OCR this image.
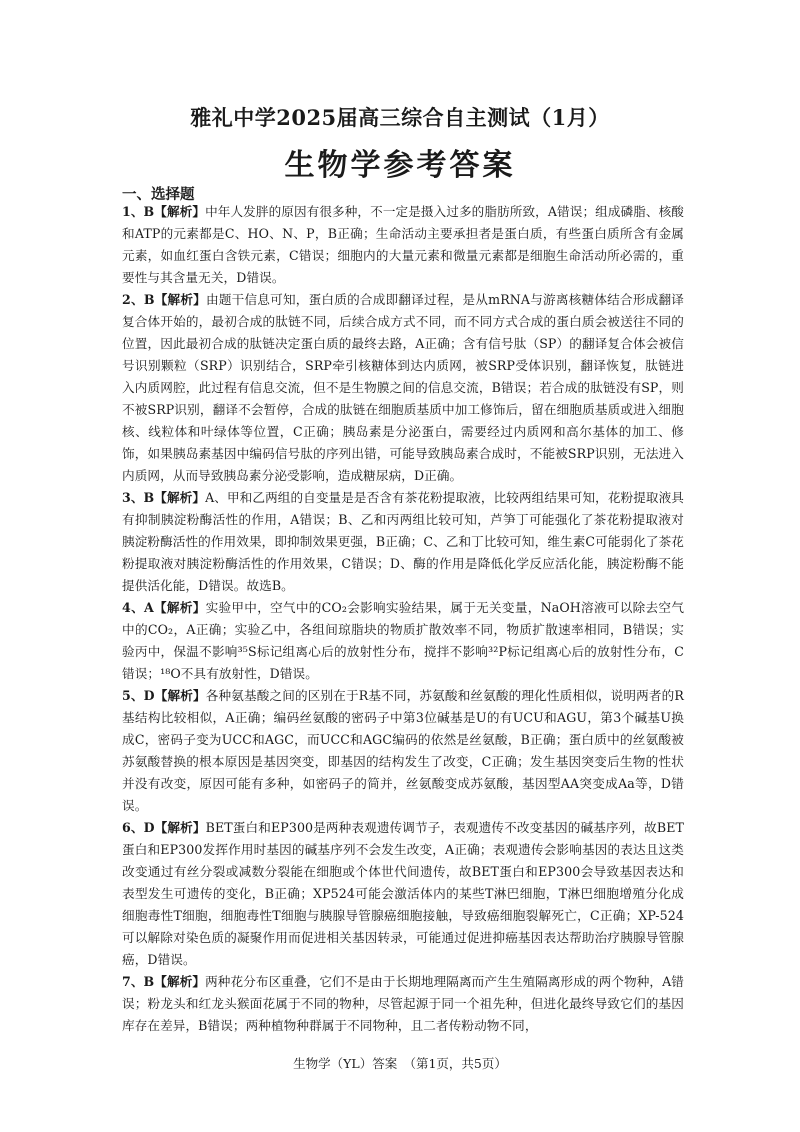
雅礼中学2025届高三综合自主测试（1月）
生物学参考答案
一、选择题

1、B【解析】中年人发胖的原因有很多种，不一定是摄入过多的脂肪所致，A错误；组成磷脂、核酸和ATP的元素都是C、HO、N、P，B正确；生命活动主要承担者是蛋白质，有些蛋白质所含有金属元素，如血红蛋白含铁元素，C错误；细胞内的大量元素和微量元素都是细胞生命活动所必需的，重要性与其含量无关，D错误。

2、B【解析】由题干信息可知，蛋白质的合成即翻译过程，是从mRNA与游离核糖体结合形成翻译复合体开始的，最初合成的肽链不同，后续合成方式不同，而不同方式合成的蛋白质会被送往不同的位置，因此最初合成的肽链决定蛋白质的最终去路，A正确；含有信号肽（SP）的翻译复合体会被信号识别颗粒（SRP）识别结合，SRP牵引核糖体到达内质网，被SRP受体识别，翻译恢复，肽链进入内质网腔，此过程有信息交流，但不是生物膜之间的信息交流，B错误；若合成的肽链没有SP，则不被SRP识别，翻译不会暂停，合成的肽链在细胞质基质中加工修饰后，留在细胞质基质或进入细胞核、线粒体和叶绿体等位置，C正确；胰岛素是分泌蛋白，需要经过内质网和高尔基体的加工、修饰，如果胰岛素基因中编码信号肽的序列出错，可能导致胰岛素合成时，不能被SRP识别，无法进入内质网，从而导致胰岛素分泌受影响，造成糖尿病，D正确。

3、B【解析】A、甲和乙两组的自变量是是否含有茶花粉提取液，比较两组结果可知，花粉提取液具有抑制胰淀粉酶活性的作用，A错误；B、乙和丙两组比较可知，芦笋丁可能强化了茶花粉提取液对胰淀粉酶活性的作用效果，即抑制效果更强，B正确；C、乙和丁比较可知，维生素C可能弱化了茶花粉提取液对胰淀粉酶活性的作用效果，C错误；D、酶的作用是降低化学反应活化能，胰淀粉酶不能提供活化能，D错误。故选B。

4、A【解析】实验甲中，空气中的CO₂会影响实验结果，属于无关变量，NaOH溶液可以除去空气中的CO₂，A正确；实验乙中，各组间琼脂块的物质扩散效率不同，物质扩散速率相同，B错误；实验丙中，保温不影响³⁵S标记组离心后的放射性分布，搅拌不影响³²P标记组离心后的放射性分布，C错误；¹⁸O不具有放射性，D错误。

5、D【解析】各种氨基酸之间的区别在于R基不同，苏氨酸和丝氨酸的理化性质相似，说明两者的R基结构比较相似，A正确；编码丝氨酸的密码子中第3位碱基是U的有UCU和AGU，第3个碱基U换成C，密码子变为UCC和AGC，而UCC和AGC编码的依然是丝氨酸，B正确；蛋白质中的丝氨酸被苏氨酸替换的根本原因是基因突变，即基因的结构发生了改变，C正确；发生基因突变后生物的性状并没有改变，原因可能有多种，如密码子的简并，丝氨酸变成苏氨酸，基因型AA突变成Aa等，D错误。

6、D【解析】BET蛋白和EP300是两种表观遗传调节子，表观遗传不改变基因的碱基序列，故BET蛋白和EP300发挥作用时基因的碱基序列不会发生改变，A正确；表观遗传会影响基因的表达且这类改变通过有丝分裂或减数分裂能在细胞或个体世代间遗传，故BET蛋白和EP300会导致基因表达和表型发生可遗传的变化，B正确；XP524可能会激活体内的某些T淋巴细胞，T淋巴细胞增殖分化成细胞毒性T细胞，细胞毒性T细胞与胰腺导管腺癌细胞接触，导致癌细胞裂解死亡，C正确；XP-524可以解除对染色质的凝聚作用而促进相关基因转录，可能通过促进抑癌基因表达帮助治疗胰腺导管腺癌，D错误。

7、B【解析】两种花分布区重叠，它们不是由于长期地理隔离而产生生殖隔离形成的两个物种，A错误；粉龙头和红龙头猴面花属于不同的物种，尽管起源于同一个祖先种，但进化最终导致它们的基因库存在差异，B错误；两种植物种群属于不同物种，且二者传粉动物不同，

生物学（YL）答案　（第1页，共5页）
